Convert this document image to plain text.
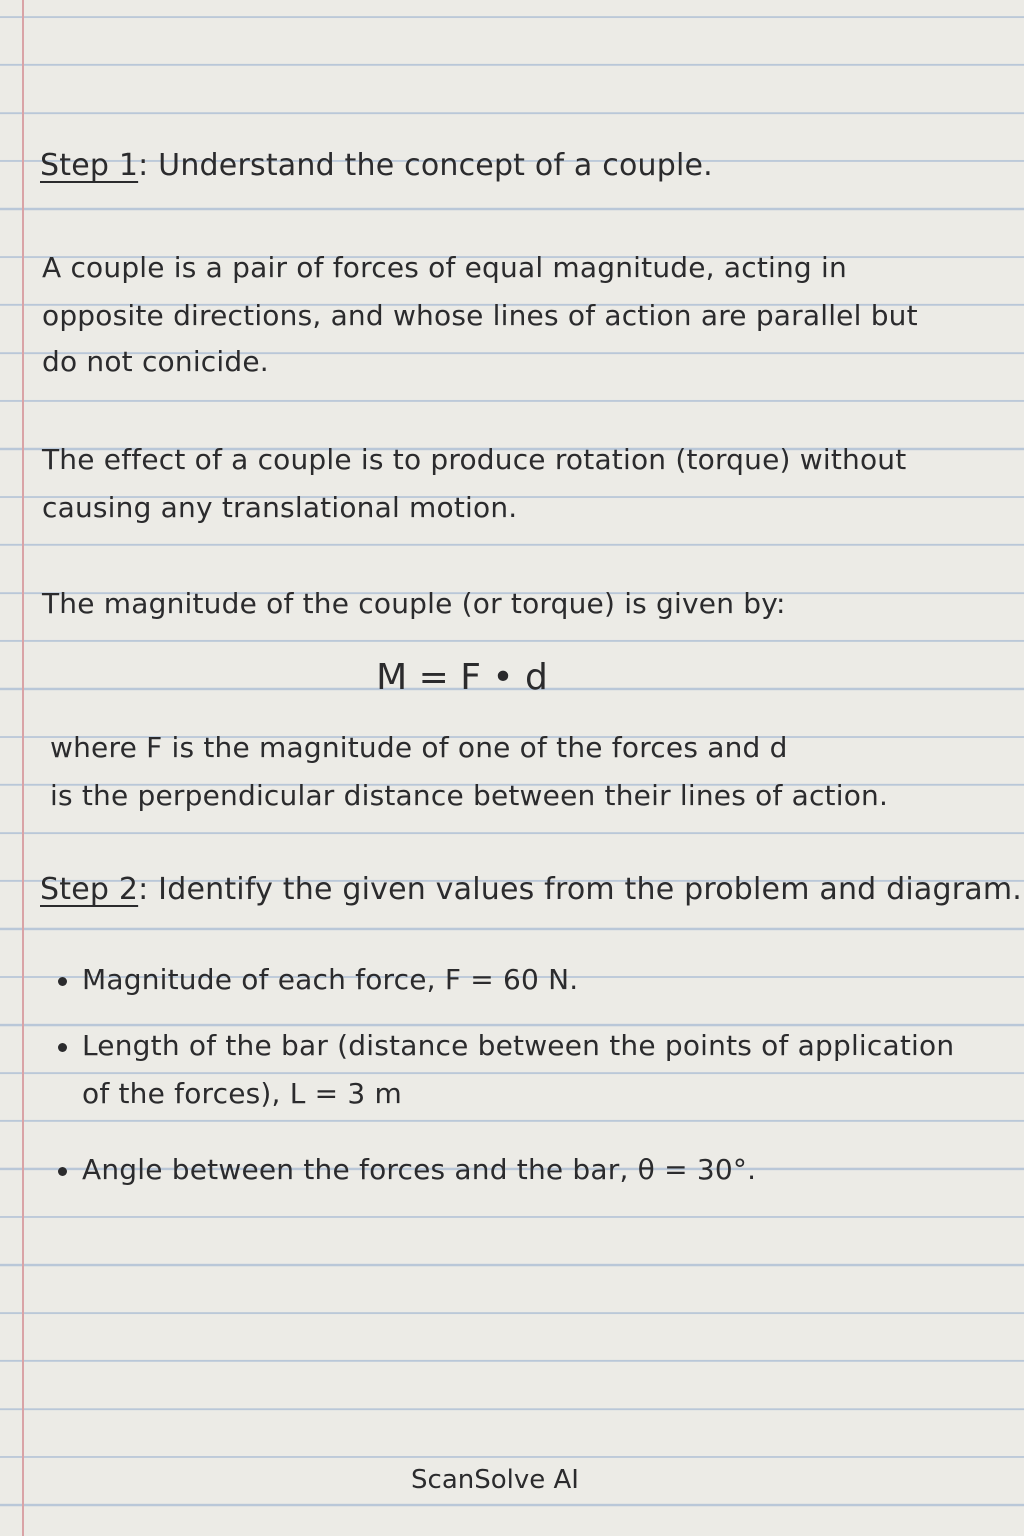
Step 1: Understand the concept of a couple.
A couple is a pair of forces of equal magnitude, acting in
opposite directions, and whose lines of action are parallel but
do not conicide.
The effect of a couple is to produce rotation (torque) without
causing any translational motion.
The magnitude of the couple (or torque) is given by:
M = F • d
where F is the magnitude of one of the forces and d
is the perpendicular distance between their lines of action.
Step 2: Identify the given values from the problem and diagram.
Magnitude of each force, F = 60 N.
Length of the bar (distance between the points of application
of the forces), L = 3 m
Angle between the forces and the bar, θ = 30°.
ScanSolve AI
